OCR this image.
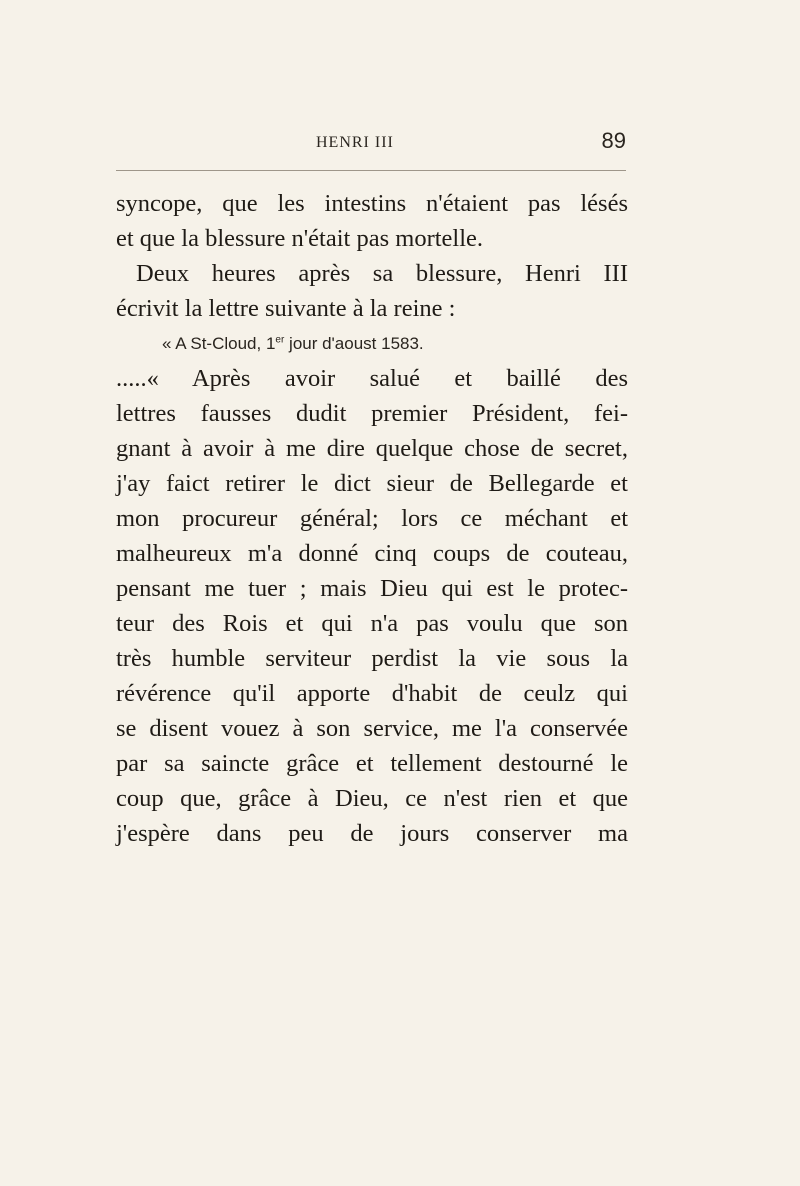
HENRI III	89
syncope, que les intestins n'étaient pas lésés
et que la blessure n'était pas mortelle.
Deux heures après sa blessure, Henri III
écrivit la lettre suivante à la reine :
« A St-Cloud, 1er jour d'aoust 1583.
.....« Après avoir salué et baillé des
lettres fausses dudit premier Président, fei-
gnant à avoir à me dire quelque chose de secret,
j'ay faict retirer le dict sieur de Bellegarde et
mon procureur général; lors ce méchant et
malheureux m'a donné cinq coups de couteau,
pensant me tuer ; mais Dieu qui est le protec-
teur des Rois et qui n'a pas voulu que son
très humble serviteur perdist la vie sous la
révérence qu'il apporte d'habit de ceulz qui
se disent vouez à son service, me l'a conservée
par sa saincte grâce et tellement destourné le
coup que, grâce à Dieu, ce n'est rien et que
j'espère dans peu de jours conserver ma
